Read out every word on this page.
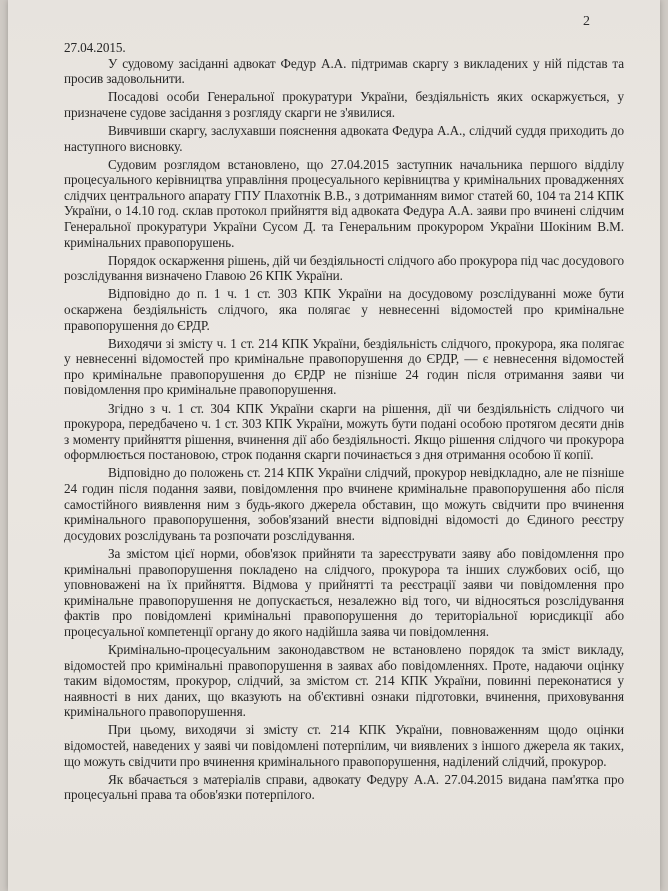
2

27.04.2015.

У судовому засіданні адвокат Федур А.А. підтримав скаргу з викладених у ній підстав та просив задовольнити.

Посадові особи Генеральної прокуратури України, бездіяльність яких оскаржується, у призначене судове засідання з розгляду скарги не з'явилися.

Вивчивши скаргу, заслухавши пояснення адвоката Федура А.А., слідчий суддя приходить до наступного висновку.

Судовим розглядом встановлено, що 27.04.2015 заступник начальника першого відділу процесуального керівництва управління процесуального керівництва у кримінальних провадженнях слідчих центрального апарату ГПУ Плахотнік В.В., з дотриманням вимог статей 60, 104 та 214 КПК України, о 14.10 год. склав протокол прийняття від адвоката Федура А.А. заяви про вчинені слідчим Генеральної прокуратури України Сусом Д. та Генеральним прокурором України Шокіним В.М. кримінальних правопорушень.

Порядок оскарження рішень, дій чи бездіяльності слідчого або прокурора під час досудового розслідування визначено Главою 26 КПК України.

Відповідно до п. 1 ч. 1 ст. 303 КПК України на досудовому розслідуванні може бути оскаржена бездіяльність слідчого, яка полягає у невнесенні відомостей про кримінальне правопорушення до ЄРДР.

Виходячи зі змісту ч. 1 ст. 214 КПК України, бездіяльність слідчого, прокурора, яка полягає у невнесенні відомостей про кримінальне правопорушення до ЄРДР, — є невнесення відомостей про кримінальне правопорушення до ЄРДР не пізніше 24 годин після отримання заяви чи повідомлення про кримінальне правопорушення.

Згідно з ч. 1 ст. 304 КПК України скарги на рішення, дії чи бездіяльність слідчого чи прокурора, передбачено ч. 1 ст. 303 КПК України, можуть бути подані особою протягом десяти днів з моменту прийняття рішення, вчинення дії або бездіяльності. Якщо рішення слідчого чи прокурора оформлюється постановою, строк подання скарги починається з дня отримання особою її копії.

Відповідно до положень ст. 214 КПК України слідчий, прокурор невідкладно, але не пізніше 24 годин після подання заяви, повідомлення про вчинене кримінальне правопорушення або після самостійного виявлення ним з будь-якого джерела обставин, що можуть свідчити про вчинення кримінального правопорушення, зобов'язаний внести відповідні відомості до Єдиного реєстру досудових розслідувань та розпочати розслідування.

За змістом цієї норми, обов'язок прийняти та зареєструвати заяву або повідомлення про кримінальні правопорушення покладено на слідчого, прокурора та інших службових осіб, що уповноважені на їх прийняття. Відмова у прийнятті та реєстрації заяви чи повідомлення про кримінальне правопорушення не допускається, незалежно від того, чи відносяться розслідування фактів про повідомлені кримінальні правопорушення до територіальної юрисдикції або процесуальної компетенції органу до якого надійшла заява чи повідомлення.

Кримінально-процесуальним законодавством не встановлено порядок та зміст викладу, відомостей про кримінальні правопорушення в заявах або повідомленнях. Проте, надаючи оцінку таким відомостям, прокурор, слідчий, за змістом ст. 214 КПК України, повинні переконатися у наявності в них даних, що вказують на об'єктивні ознаки підготовки, вчинення, приховування кримінального правопорушення.

При цьому, виходячи зі змісту ст. 214 КПК України, повноваженням щодо оцінки відомостей, наведених у заяві чи повідомлені потерпілим, чи виявлених з іншого джерела як таких, що можуть свідчити про вчинення кримінального правопорушення, наділений слідчий, прокурор.

Як вбачається з матеріалів справи, адвокату Федуру А.А. 27.04.2015 видана пам'ятка про процесуальні права та обов'язки потерпілого.
